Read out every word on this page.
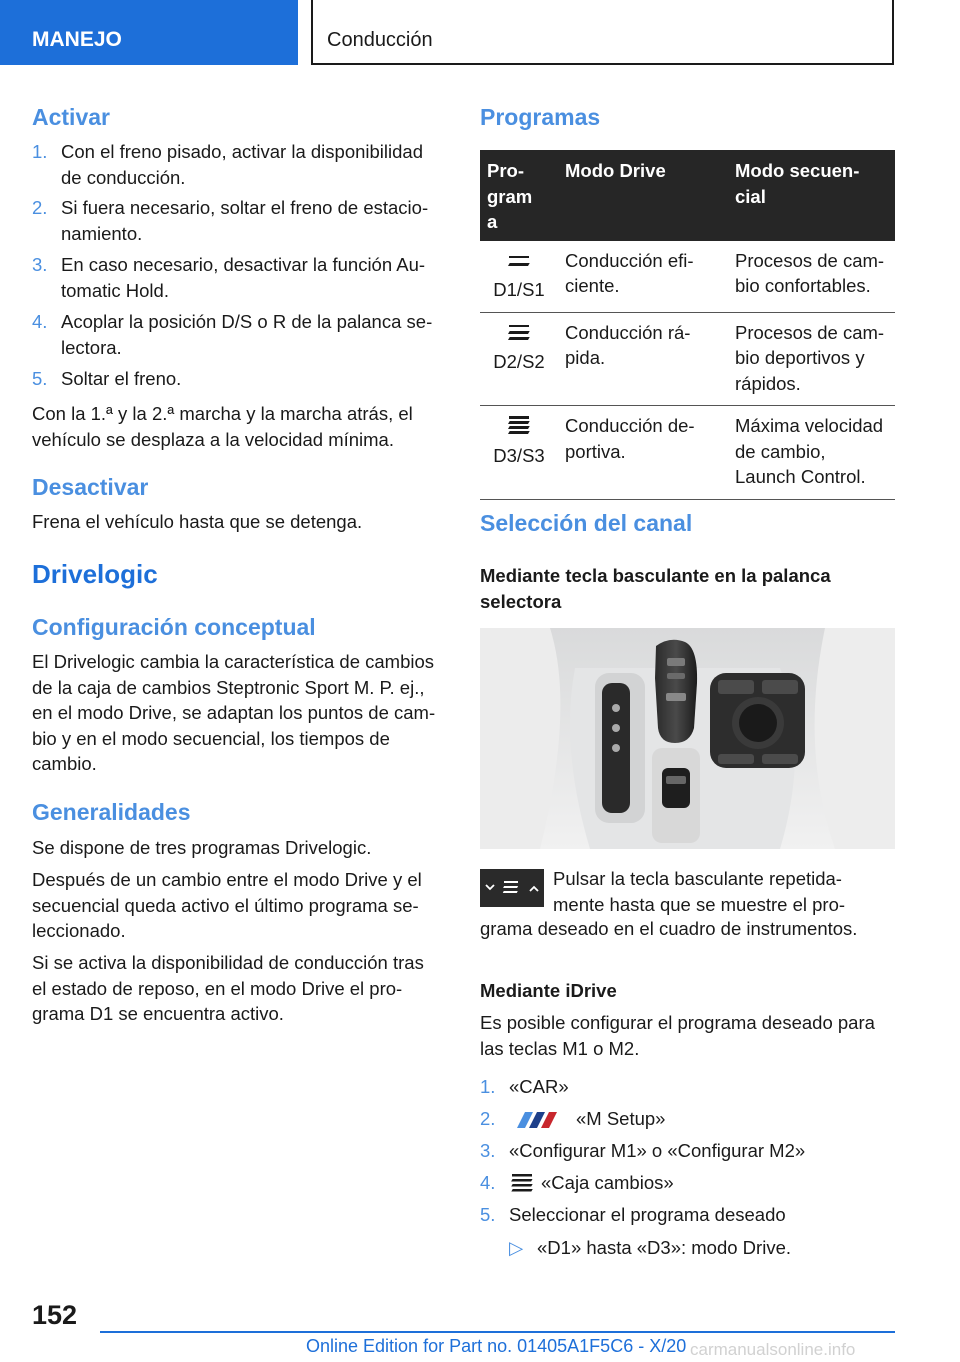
MANEJO	Conducción
Activar
1. Con el freno pisado, activar la disponibilidad
de conducción.
2. Si fuera necesario, soltar el freno de estacio‐
namiento.
3. En caso necesario, desactivar la función Au‐
tomatic Hold.
4. Acoplar la posición D/S o R de la palanca se‐
lectora.
5. Soltar el freno.
Con la 1.ª y la 2.ª marcha y la marcha atrás, el
vehículo se desplaza a la velocidad mínima.
Desactivar
Frena el vehículo hasta que se detenga.
Drivelogic
Configuración conceptual
El Drivelogic cambia la característica de cambios
de la caja de cambios Steptronic Sport M. P. ej.,
en el modo Drive, se adaptan los puntos de cam‐
bio y en el modo secuencial, los tiempos de
cambio.
Generalidades
Se dispone de tres programas Drivelogic.
Después de un cambio entre el modo Drive y el
secuencial queda activo el último programa se‐
leccionado.
Si se activa la disponibilidad de conducción tras
el estado de reposo, en el modo Drive el pro‐
grama D1 se encuentra activo.
Programas
Pro‐
gram
a	Modo Drive	Modo secuen‐
cial

D1/S1	Conducción efi‐
ciente.	Procesos de cam‐
bio confortables.

D2/S2	Conducción rá‐
pida.	Procesos de cam‐
bio deportivos y
rápidos.

D3/S3	Conducción de‐
portiva.	Máxima velocidad
de cambio,
Launch Control.
Selección del canal
Mediante tecla basculante en la palanca
selectora
Pulsar la tecla basculante repetida‐
mente hasta que se muestre el pro‐
grama deseado en el cuadro de instrumentos.
Mediante iDrive
Es posible configurar el programa deseado para
las teclas M1 o M2.
1. «CAR»
2.	«M Setup»
3. «Configurar M1» o «Configurar M2»
4. «Caja cambios»
5. Seleccionar el programa deseado
▷ «D1» hasta «D3»: modo Drive.
152
Online Edition for Part no. 01405A1F5C6 - X/20 carmanualsonline.info
